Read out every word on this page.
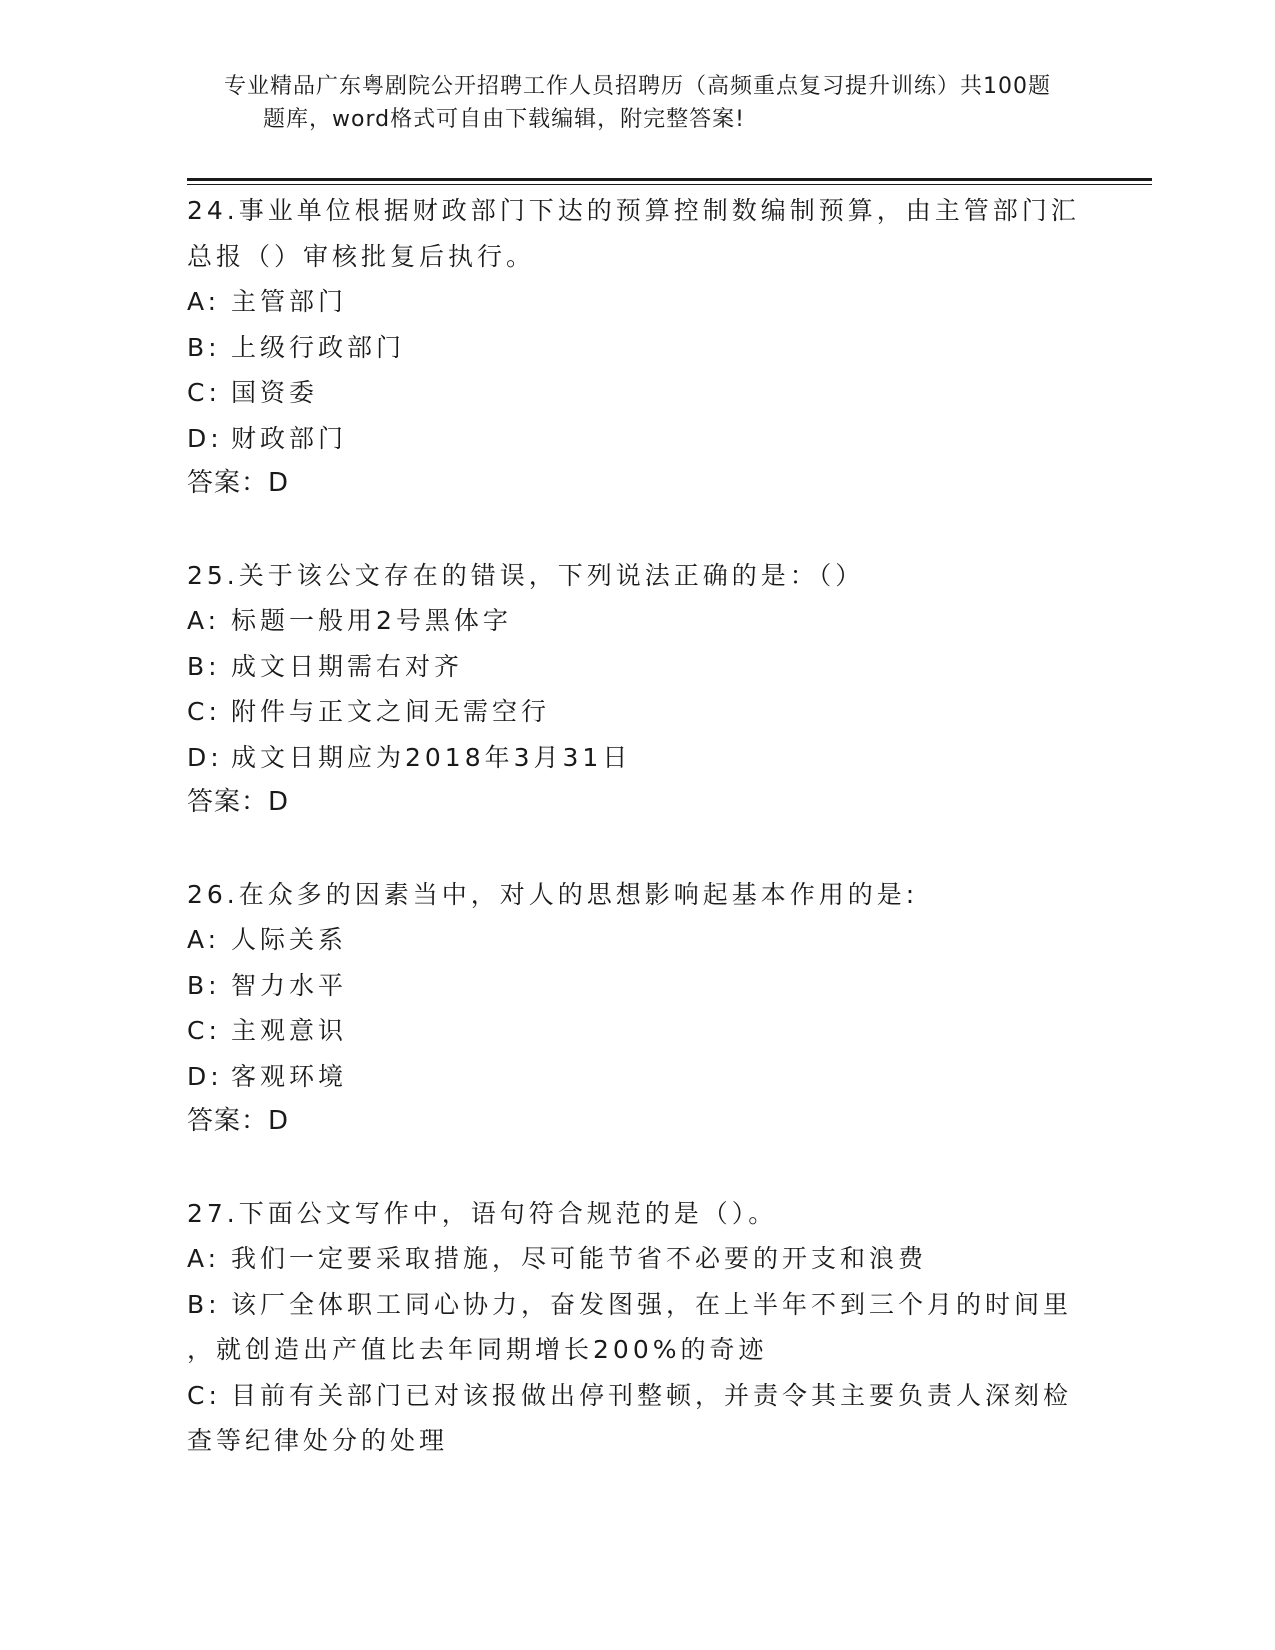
专业精品广东粤剧院公开招聘工作人员招聘历（高频重点复习提升训练）共100题
题库，word格式可自由下载编辑，附完整答案!
24.事业单位根据财政部门下达的预算控制数编制预算，由主管部门汇
总报（）审核批复后执行。
A: 主管部门
B: 上级行政部门
C: 国资委
D: 财政部门
答案：D
25.关于该公文存在的错误，下列说法正确的是：（）
A: 标题一般用2号黑体字
B: 成文日期需右对齐
C: 附件与正文之间无需空行
D: 成文日期应为2018年3月31日
答案：D
26.在众多的因素当中，对人的思想影响起基本作用的是:
A: 人际关系
B: 智力水平
C: 主观意识
D: 客观环境
答案：D
27.下面公文写作中，语句符合规范的是（）。
A: 我们一定要采取措施，尽可能节省不必要的开支和浪费
B: 该厂全体职工同心协力，奋发图强，在上半年不到三个月的时间里
，就创造出产值比去年同期增长200%的奇迹
C: 目前有关部门已对该报做出停刊整顿，并责令其主要负责人深刻检
查等纪律处分的处理
